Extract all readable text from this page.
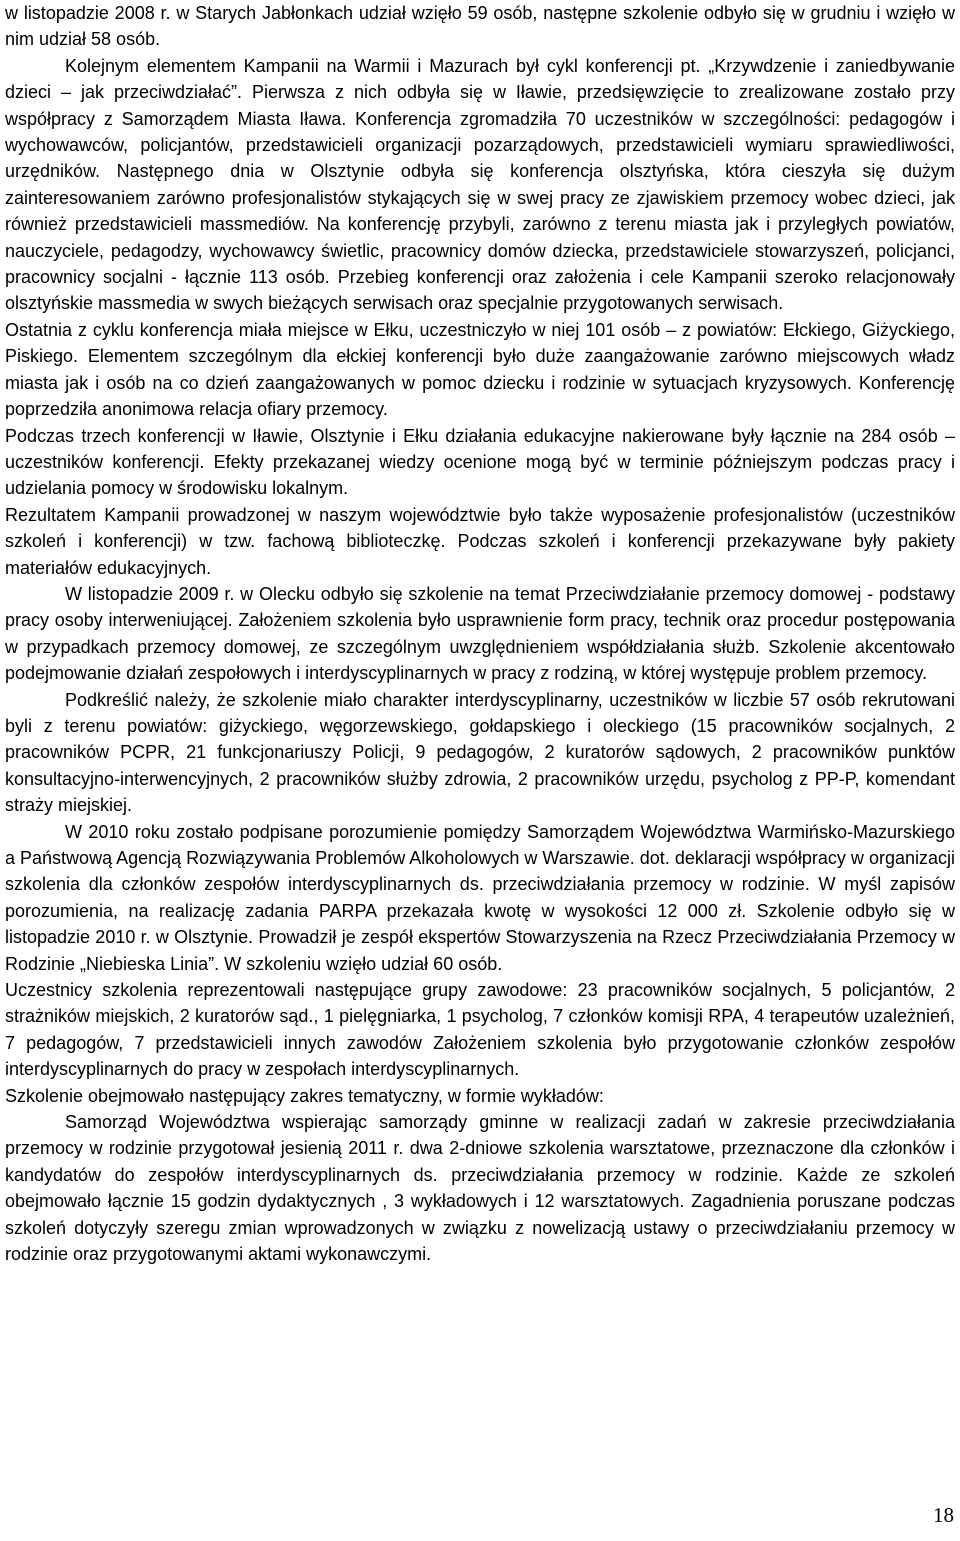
w listopadzie 2008 r. w Starych Jabłonkach udział wzięło 59 osób, następne szkolenie odbyło się w grudniu i wzięło w nim udział 58 osób.

Kolejnym elementem Kampanii na Warmii i Mazurach był cykl konferencji pt. „Krzywdzenie i zaniedbywanie dzieci – jak przeciwdziałać”. Pierwsza z nich odbyła się w Iławie, przedsięwzięcie to zrealizowane zostało przy współpracy z Samorządem Miasta Iława. Konferencja zgromadziła 70 uczestników w szczególności: pedagogów i wychowawców, policjantów, przedstawicieli organizacji pozarządowych, przedstawicieli wymiaru sprawiedliwości, urzędników. Następnego dnia w Olsztynie odbyła się konferencja olsztyńska, która cieszyła się dużym zainteresowaniem zarówno profesjonalistów stykających się w swej pracy ze zjawiskiem przemocy wobec dzieci, jak również przedstawicieli massmediów. Na konferencję przybyli, zarówno z terenu miasta jak i przyległych powiatów, nauczyciele, pedagodzy, wychowawcy świetlic, pracownicy domów dziecka, przedstawiciele stowarzyszeń, policjanci, pracownicy socjalni - łącznie 113 osób. Przebieg konferencji oraz założenia i cele Kampanii szeroko relacjonowały olsztyńskie massmedia w swych bieżących serwisach oraz specjalnie przygotowanych serwisach.

Ostatnia z cyklu konferencja miała miejsce w Ełku, uczestniczyło w niej 101 osób – z powiatów: Ełckiego, Giżyckiego, Piskiego. Elementem szczególnym dla ełckiej konferencji było duże zaangażowanie zarówno miejscowych władz miasta jak i osób na co dzień zaangażowanych w pomoc dziecku i rodzinie w sytuacjach kryzysowych. Konferencję poprzedziła anonimowa relacja ofiary przemocy.

Podczas trzech konferencji w Iławie, Olsztynie i Ełku działania edukacyjne nakierowane były łącznie na 284 osób – uczestników konferencji. Efekty przekazanej wiedzy ocenione mogą być w terminie późniejszym podczas pracy i udzielania pomocy w środowisku lokalnym.

Rezultatem Kampanii prowadzonej w naszym województwie było także wyposażenie profesjonalistów (uczestników szkoleń i konferencji) w tzw. fachową biblioteczkę. Podczas szkoleń i konferencji przekazywane były pakiety materiałów edukacyjnych.

W listopadzie 2009 r. w Olecku odbyło się szkolenie na temat Przeciwdziałanie przemocy domowej - podstawy pracy osoby interweniującej. Założeniem szkolenia było usprawnienie form pracy, technik oraz procedur postępowania w przypadkach przemocy domowej, ze szczególnym uwzględnieniem współdziałania służb. Szkolenie akcentowało podejmowanie działań zespołowych i interdyscyplinarnych w pracy z rodziną, w której występuje problem przemocy.

Podkreślić należy, że szkolenie miało charakter interdyscyplinarny, uczestników w liczbie 57 osób rekrutowani byli z terenu powiatów: giżyckiego, węgorzewskiego, gołdapskiego i oleckiego (15 pracowników socjalnych, 2 pracowników PCPR, 21 funkcjonariuszy Policji, 9 pedagogów, 2 kuratorów sądowych, 2 pracowników punktów konsultacyjno-interwencyjnych, 2 pracowników służby zdrowia, 2 pracowników urzędu, psycholog z PP-P, komendant straży miejskiej.

W 2010 roku zostało podpisane porozumienie pomiędzy Samorządem Województwa Warmińsko-Mazurskiego a Państwową Agencją Rozwiązywania Problemów Alkoholowych w Warszawie. dot. deklaracji współpracy w organizacji szkolenia dla członków zespołów interdyscyplinarnych ds. przeciwdziałania przemocy w rodzinie. W myśl zapisów porozumienia, na realizację zadania PARPA przekazała kwotę w wysokości 12 000 zł. Szkolenie odbyło się w listopadzie 2010 r. w Olsztynie. Prowadził je zespół ekspertów Stowarzyszenia na Rzecz Przeciwdziałania Przemocy w Rodzinie „Niebieska Linia”. W szkoleniu wzięło udział 60 osób.

Uczestnicy szkolenia reprezentowali następujące grupy zawodowe: 23 pracowników socjalnych, 5 policjantów, 2 strażników miejskich, 2 kuratorów sąd., 1 pielęgniarka, 1 psycholog, 7 członków komisji RPA, 4 terapeutów uzależnień, 7 pedagogów, 7 przedstawicieli innych zawodów Założeniem szkolenia było przygotowanie członków zespołów interdyscyplinarnych do pracy w zespołach interdyscyplinarnych.

Szkolenie obejmowało następujący zakres tematyczny, w formie wykładów:

Samorząd Województwa wspierając samorządy gminne w realizacji zadań w zakresie przeciwdziałania przemocy w rodzinie przygotował jesienią 2011 r. dwa 2-dniowe szkolenia warsztatowe, przeznaczone dla członków i kandydatów do zespołów interdyscyplinarnych ds. przeciwdziałania przemocy w rodzinie. Każde ze szkoleń obejmowało łącznie 15 godzin dydaktycznych , 3 wykładowych i 12 warsztatowych. Zagadnienia poruszane podczas szkoleń dotyczyły szeregu zmian wprowadzonych w związku z nowelizacją ustawy o przeciwdziałaniu przemocy w rodzinie oraz przygotowanymi aktami wykonawczymi.

18
